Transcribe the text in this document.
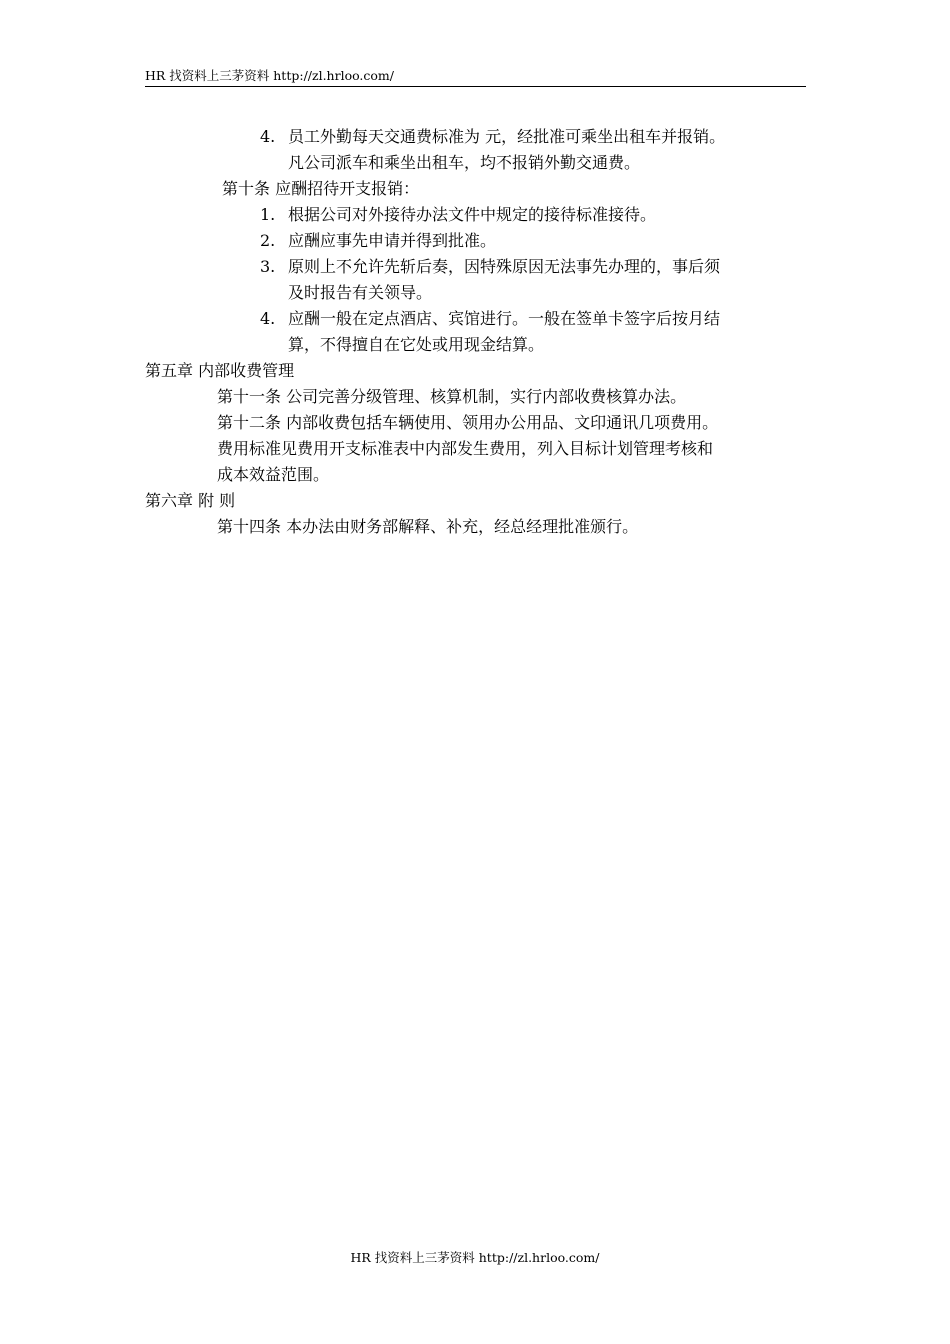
HR 找资料上三茅资料 http://zl.hrloo.com/
4. 员工外勤每天交通费标准为 元，经批准可乘坐出租车并报销。
凡公司派车和乘坐出租车，均不报销外勤交通费。
第十条 应酬招待开支报销：
1. 根据公司对外接待办法文件中规定的接待标准接待。
2. 应酬应事先申请并得到批准。
3. 原则上不允许先斩后奏，因特殊原因无法事先办理的，事后须
及时报告有关领导。
4. 应酬一般在定点酒店、宾馆进行。一般在签单卡签字后按月结
算，不得擅自在它处或用现金结算。
第五章 内部收费管理
第十一条 公司完善分级管理、核算机制，实行内部收费核算办法。
第十二条 内部收费包括车辆使用、领用办公用品、文印通讯几项费用。
费用标准见费用开支标准表中内部发生费用，列入目标计划管理考核和
成本效益范围。
第六章 附 则
第十四条 本办法由财务部解释、补充，经总经理批准颁行。
HR 找资料上三茅资料 http://zl.hrloo.com/
